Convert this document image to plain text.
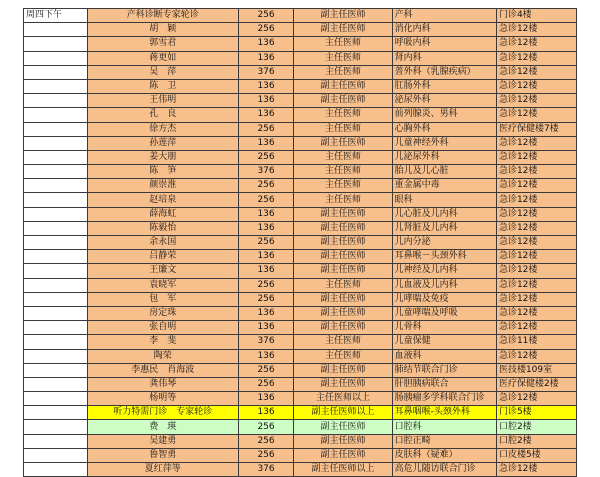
周四下午	产科诊断专家轮诊	256	副主任医师	产科	门诊4楼
	胡　颖	256	副主任医师	消化内科	急诊12楼
	郭雪君	136	主任医师	呼吸内科	急诊12楼
	蒋更如	136	主任医师	肾内科	急诊12楼
	吴　萍	376	主任医师	普外科（乳腺疾病）	急诊12楼
	陈　卫	136	副主任医师	肛肠外科	急诊12楼
	王伟明	136	副主任医师	泌尿外科	急诊12楼
	孔　良	136	主任医师	前列腺炎、男科	急诊12楼
	徐方杰	256	主任医师	心胸外科	医疗保健楼7楼
	孙莲萍	136	副主任医师	儿童神经外科	急诊12楼
	姜大朋	256	主任医师	儿泌尿外科	急诊12楼
	陈　笋	376	主任医师	胎儿及儿心脏	急诊12楼
	颜崇淮	256	主任医师	重金属中毒	急诊12楼
	赵培泉	256	主任医师	眼科	急诊12楼
	薛海虹	136	副主任医师	儿心脏及儿内科	急诊12楼
	陈毅怡	136	副主任医师	儿肾脏及儿内科	急诊12楼
	余永国	256	副主任医师	儿内分泌	急诊12楼
	吕静荣	136	副主任医师	耳鼻喉－头颈外科	急诊12楼
	王廉文	136	副主任医师	儿神经及儿内科	急诊12楼
	袁晓军	256	主任医师	儿血液及儿内科	急诊12楼
	包　军	256	副主任医师	儿哮喘及免疫	急诊12楼
	房定珠	136	副主任医师	儿童哮喘及呼吸	急诊12楼
	张自明	136	副主任医师	儿骨科	急诊12楼
	李　斐	376	主任医师	儿童保健	急诊11楼
	陶荣	136	主任医师	血液科	急诊12楼
	李惠民　肖海波	256	副主任医师	肺结节联合门诊	医技楼109室
	龚伟琴	256	副主任医师	肝胆胰病联合	医疗保健楼2楼
	杨明等	136	主任医师以上	肠胰瘤多学科联合门诊	急诊12楼
	听力特需门诊　专家轮诊	136	副主任医师以上	耳鼻咽喉-头颈外科	门诊5楼
	费　瑛	256	副主任医师	口腔科	口腔2楼
	吴建勇	256	副主任医师	口腔正畸	口腔2楼
	鲁智勇	256	副主任医师	皮肤科（疑难）	口皮楼5楼
	夏红萍等	376	副主任医师以上	高危儿随访联合门诊	急诊12楼
